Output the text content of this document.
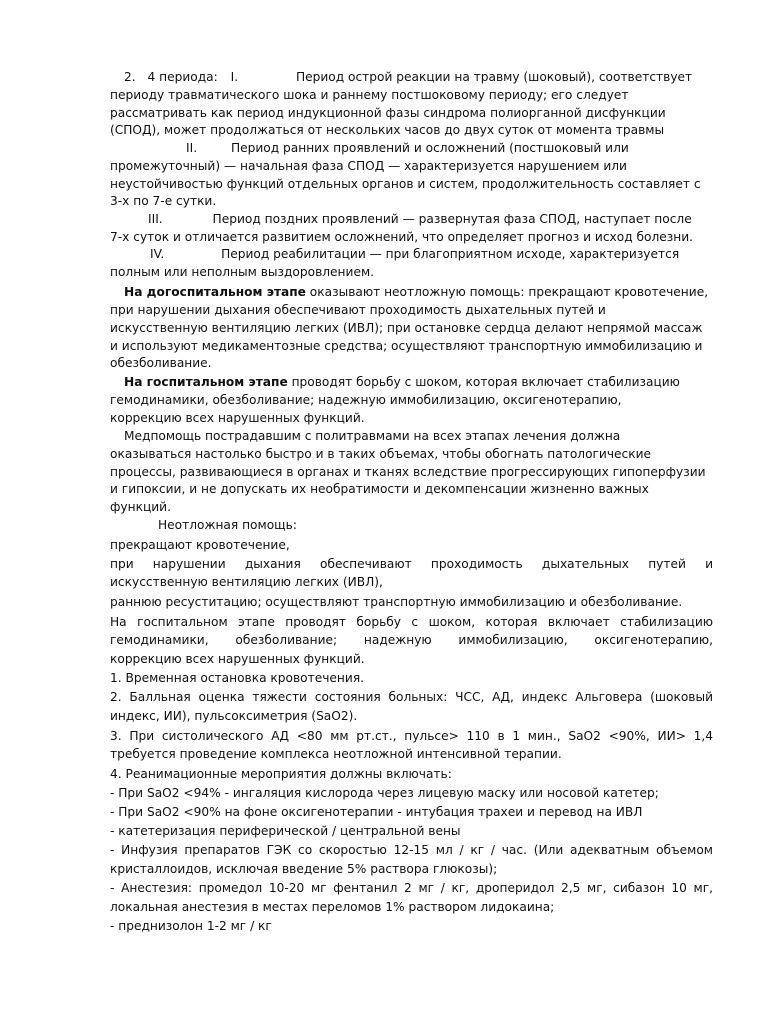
2. 4 периода: I.	Период острой реакции на травму (шоковый), соответствует
периоду травматического шока и раннему постшоковому периоду; его следует
рассматривать как период индукционной фазы синдрома полиорганной дисфункции
(СПОД), может продолжаться от нескольких часов до двух суток от момента травмы
II.	Период ранних проявлений и осложнений (постшоковый или
промежуточный) — начальная фаза СПОД — характеризуется нарушением или
неустойчивостью функций отдельных органов и систем, продолжительность составляет с
3-х по 7-е сутки.
III.	Период поздних проявлений — развернутая фаза СПОД, наступает после
7-х суток и отличается развитием осложнений, что определяет прогноз и исход болезни.
IV.	Период реабилитации — при благоприятном исходе, характеризуется
полным или неполным выздоровлением.
На догоспитальном этапе оказывают неотложную помощь: прекращают кровотечение,
при нарушении дыхания обеспечивают проходимость дыхательных путей и
искусственную вентиляцию легких (ИВЛ); при остановке сердца делают непрямой массаж
и используют медикаментозные средства; осуществляют транспортную иммобилизацию и
обезболивание.
На госпитальном этапе проводят борьбу с шоком, которая включает стабилизацию
гемодинамики, обезболивание; надежную иммобилизацию, оксигенотерапию,
коррекцию всех нарушенных функций.
Медпомощь пострадавшим с политравмами на всех этапах лечения должна
оказываться настолько быстро и в таких объемах, чтобы обогнать патологические
процессы, развивающиеся в органах и тканях вследствие прогрессирующих гипоперфузии
и гипоксии, и не допускать их необратимости и декомпенсации жизненно важных
функций.
Неотложная помощь:
прекращают кровотечение,
при нарушении дыхания обеспечивают проходимость дыхательных путей и
искусственную вентиляцию легких (ИВЛ),
раннюю ресуститацию; осуществляют транспортную иммобилизацию и обезболивание.
На госпитальном этапе проводят борьбу с шоком, которая включает стабилизацию
гемодинамики, обезболивание; надежную иммобилизацию, оксигенотерапию,
коррекцию всех нарушенных функций.
1. Временная остановка кровотечения.
2. Балльная оценка тяжести состояния больных: ЧСС, АД, индекс Альговера (шоковый
индекс, ИИ), пульсоксиметрия (SaO2).
3. При систолического АД <80 мм рт.ст., пульсе> 110 в 1 мин., SaO2 <90%, ИИ> 1,4
требуется проведение комплекса неотложной интенсивной терапии.
4. Реанимационные мероприятия должны включать:
- При SaO2 <94% - ингаляция кислорода через лицевую маску или носовой катетер;
- При SaO2 <90% на фоне оксигенотерапии - интубация трахеи и перевод на ИВЛ
- катетеризация периферической / центральной вены
- Инфузия препаратов ГЭК со скоростью 12-15 мл / кг / час. (Или адекватным объемом
кристаллоидов, исключая введение 5% раствора глюкозы);
- Анестезия: промедол 10-20 мг фентанил 2 мг / кг, дроперидол 2,5 мг, сибазон 10 мг,
локальная анестезия в местах переломов 1% раствором лидокаина;
- преднизолон 1-2 мг / кг
